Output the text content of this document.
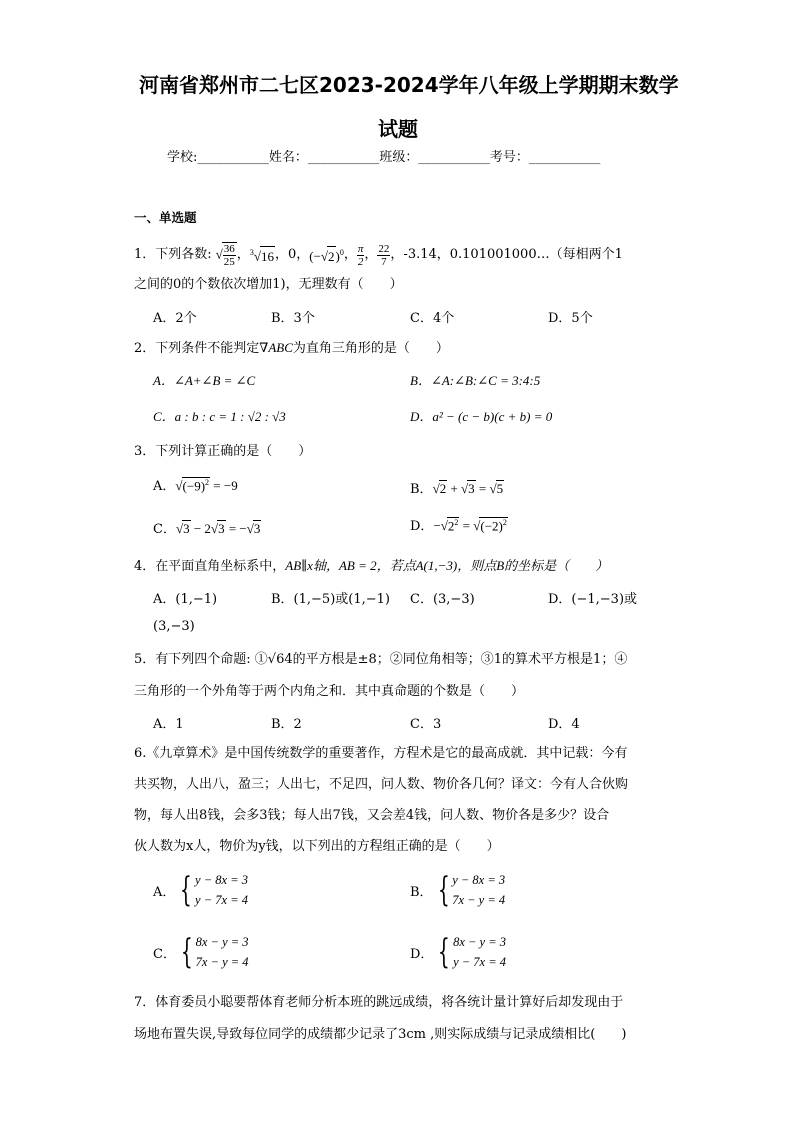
河南省郑州市二七区2023-2024学年八年级上学期期末数学
试题
学校:___________姓名：___________班级：___________考号：___________
一、单选题
1．下列各数: √ $\frac{36}{25}$ ， $^3$√16 ，0， $(-√2)^0$ ， $\frac{\pi}{2}$ ， $\frac{22}{7}$ ，-3.14，0.101001000…（每相两个1
之间的0的个数依次增加1)，无理数有（　　）
A．2个	B．3个	C．4个	D．5个
2．下列条件不能判定∇ABC为直角三角形的是（　　）
A．∠A+∠B = ∠C	B．∠A:∠B:∠C = 3:4:5
C．a : b : c = 1 : √2 : √3	D．a² − (c − b)(c + b) = 0
3．下列计算正确的是（　　）
A．$√(-9)^2 = -9$	B．√2 + √3 = √5
C．√3 − 2√3 = −√3	D．$-√2^2 = √(-2)^2$
4．在平面直角坐标系中，AB∥x轴，AB = 2，若点A(1,−3)，则点B的坐标是（　　）
A．(1,−1)	B．(1,−5)或(1,−1) C．(3,−3)	D．(−1,−3)或
(3,−3)
5．有下列四个命题: ①√64的平方根是±8；②同位角相等；③1的算术平方根是1；④
三角形的一个外角等于两个内角之和．其中真命题的个数是（　　）
A．1	B．2	C．3	D．4
6.《九章算术》是中国传统数学的重要著作，方程术是它的最高成就．其中记载：今有
共买物，人出八，盈三；人出七，不足四，问人数、物价各几何？译文：今有人合伙购
物，每人出8钱，会多3钱；每人出7钱，又会差4钱，问人数、物价各是多少？设合
伙人数为x人，物价为y钱，以下列出的方程组正确的是（　　）
A． { y − 8x = 3
y − 7x = 4
B． { y − 8x = 3
7x − y = 4
C． { 8x − y = 3
7x − y = 4
D． { 8x − y = 3
y − 7x = 4
7．体育委员小聪要帮体育老师分析本班的跳远成绩，将各统计量计算好后却发现由于
场地布置失误,导致每位同学的成绩都少记录了3cm ,则实际成绩与记录成绩相比(　　)
